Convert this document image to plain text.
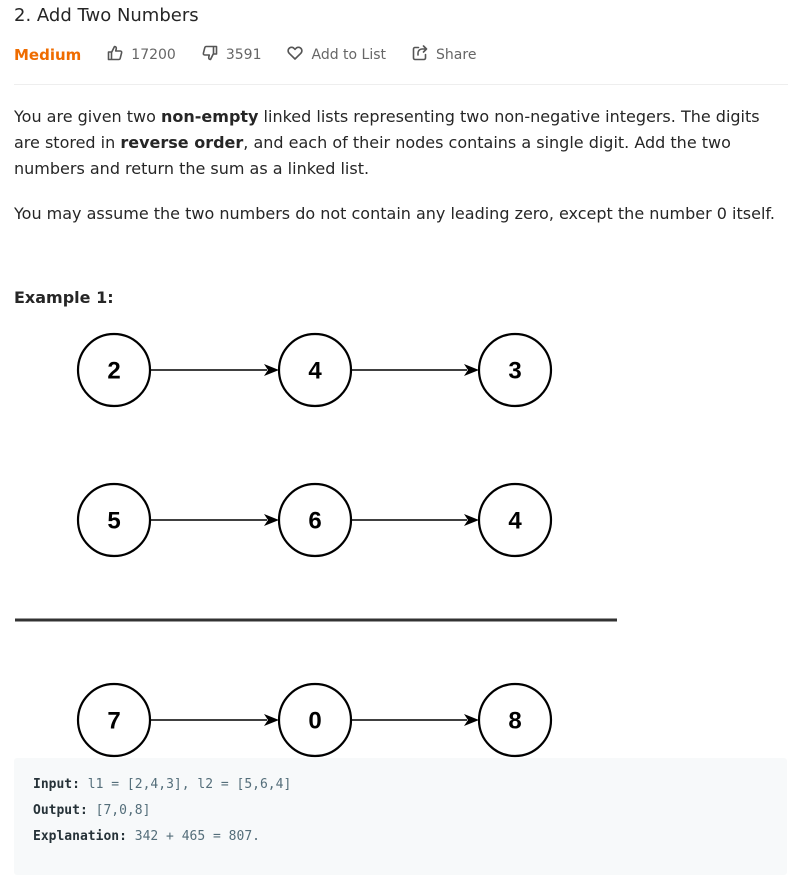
2. Add Two Numbers
Medium	17200	3591	Add to List	Share
You are given two non-empty linked lists representing two non-negative integers. The digits are stored in reverse order, and each of their nodes contains a single digit. Add the two numbers and return the sum as a linked list.
You may assume the two numbers do not contain any leading zero, except the number 0 itself.
Example 1:
2	4	3
5	6	4
7	0	8
Input: l1 = [2,4,3], l2 = [5,6,4]
Output: [7,0,8]
Explanation: 342 + 465 = 807.
